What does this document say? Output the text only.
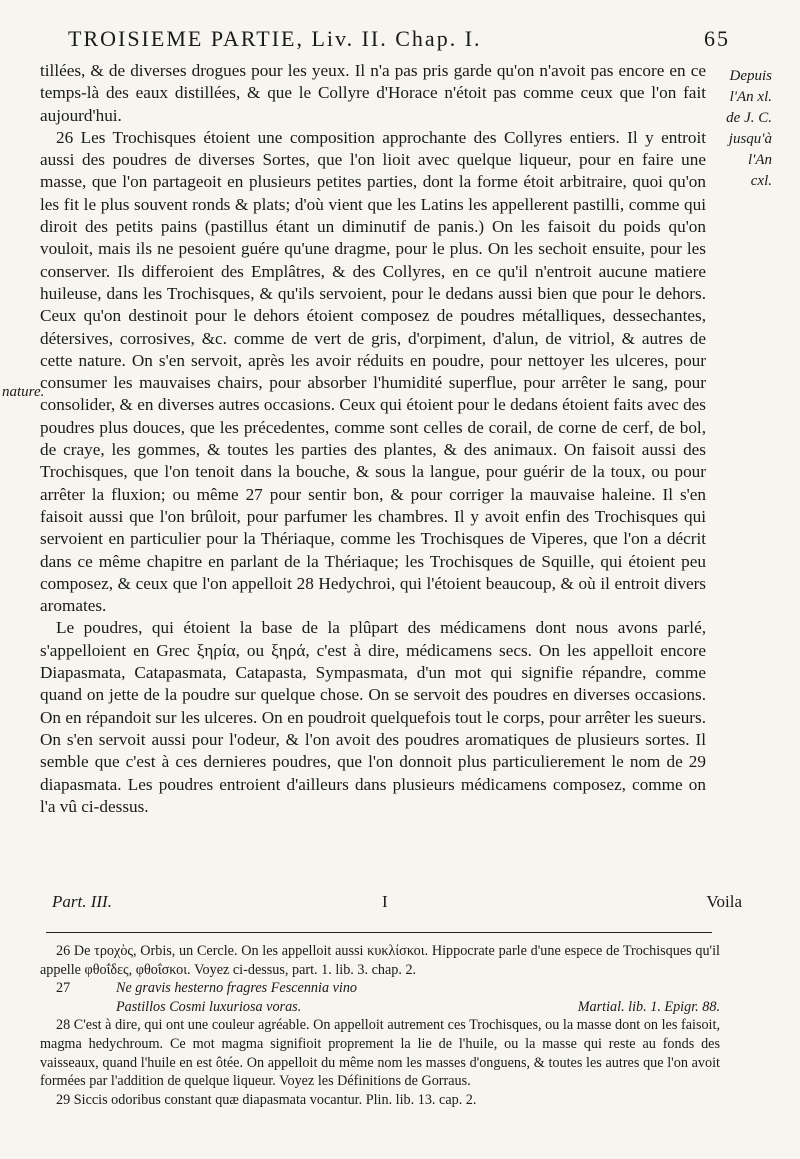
TROISIEME PARTIE, Liv. II. Chap. I.	65
Depuis
l'An xl.
de J. C.
jusqu'à
l'An
cxl.
nature.

tillées, & de diverses drogues pour les yeux. Il n'a pas pris garde qu'on n'avoit pas encore en ce temps-là des eaux distillées, & que le Collyre d'Horace n'étoit pas comme ceux que l'on fait aujourd'hui.

26 Les Trochisques étoient une composition approchante des Collyres entiers. Il y entroit aussi des poudres de diverses Sortes, que l'on lioit avec quelque liqueur, pour en faire une masse, que l'on partageoit en plusieurs petites parties, dont la forme étoit arbitraire, quoi qu'on les fit le plus souvent ronds & plats; d'où vient que les Latins les appellerent pastilli, comme qui diroit des petits pains (pastillus étant un diminutif de panis.) On les faisoit du poids qu'on vouloit, mais ils ne pesoient guére qu'une dragme, pour le plus. On les sechoit ensuite, pour les conserver. Ils differoient des Emplâtres, & des Collyres, en ce qu'il n'entroit aucune matiere huileuse, dans les Trochisques, & qu'ils servoient, pour le dedans aussi bien que pour le dehors. Ceux qu'on destinoit pour le dehors étoient composez de poudres métalliques, dessechantes, détersives, corrosives, &c. comme de vert de gris, d'orpiment, d'alun, de vitriol, & autres de cette nature. On s'en servoit, après les avoir réduits en poudre, pour nettoyer les ulceres, pour consumer les mauvaises chairs, pour absorber l'humidité superflue, pour arrêter le sang, pour consolider, & en diverses autres occasions. Ceux qui étoient pour le dedans étoient faits avec des poudres plus douces, que les précedentes, comme sont celles de corail, de corne de cerf, de bol, de craye, les gommes, & toutes les parties des plantes, & des animaux. On faisoit aussi des Trochisques, que l'on tenoit dans la bouche, & sous la langue, pour guérir de la toux, ou pour arrêter la fluxion; ou même 27 pour sentir bon, & pour corriger la mauvaise haleine. Il s'en faisoit aussi que l'on brûloit, pour parfumer les chambres. Il y avoit enfin des Trochisques qui servoient en particulier pour la Thériaque, comme les Trochisques de Viperes, que l'on a décrit dans ce même chapitre en parlant de la Thériaque; les Trochisques de Squille, qui étoient peu composez, & ceux que l'on appelloit 28 Hedychroi, qui l'étoient beaucoup, & où il entroit divers aromates.

Le poudres, qui étoient la base de la plûpart des médicamens dont nous avons parlé, s'appelloient en Grec ξηρία, ou ξηρά, c'est à dire, médicamens secs. On les appelloit encore Diapasmata, Catapasmata, Catapasta, Sympasmata, d'un mot qui signifie répandre, comme quand on jette de la poudre sur quelque chose. On se servoit des poudres en diverses occasions. On en répandoit sur les ulceres. On en poudroit quelquefois tout le corps, pour arrêter les sueurs. On s'en servoit aussi pour l'odeur, & l'on avoit des poudres aromatiques de plusieurs sortes. Il semble que c'est à ces dernieres poudres, que l'on donnoit plus particulierement le nom de 29 diapasmata. Les poudres entroient d'ailleurs dans plusieurs médicamens composez, comme on l'a vû ci-dessus.

Part. III.	I	Voila

26 De τροχὸς, Orbis, un Cercle. On les appelloit aussi κυκλίσκοι. Hippocrate parle d'une espece de Trochisques qu'il appelle φθοΐδες, φθοΐσκοι. Voyez ci-dessus, part. 1. lib. 3. chap. 2.

27	Ne gravis hesterno fragres Fescennia vino

Pastillos Cosmi luxuriosa voras.	Martial. lib. 1. Epigr. 88.

28 C'est à dire, qui ont une couleur agréable. On appelloit autrement ces Trochisques, ou la masse dont on les faisoit, magma hedychroum. Ce mot magma signifioit proprement la lie de l'huile, ou la masse qui reste au fonds des vaisseaux, quand l'huile en est ôtée. On appelloit du même nom les masses d'onguens, & toutes les autres que l'on avoit formées par l'addition de quelque liqueur. Voyez les Définitions de Gorraus.

29 Siccis odoribus constant quæ diapasmata vocantur. Plin. lib. 13. cap. 2.
